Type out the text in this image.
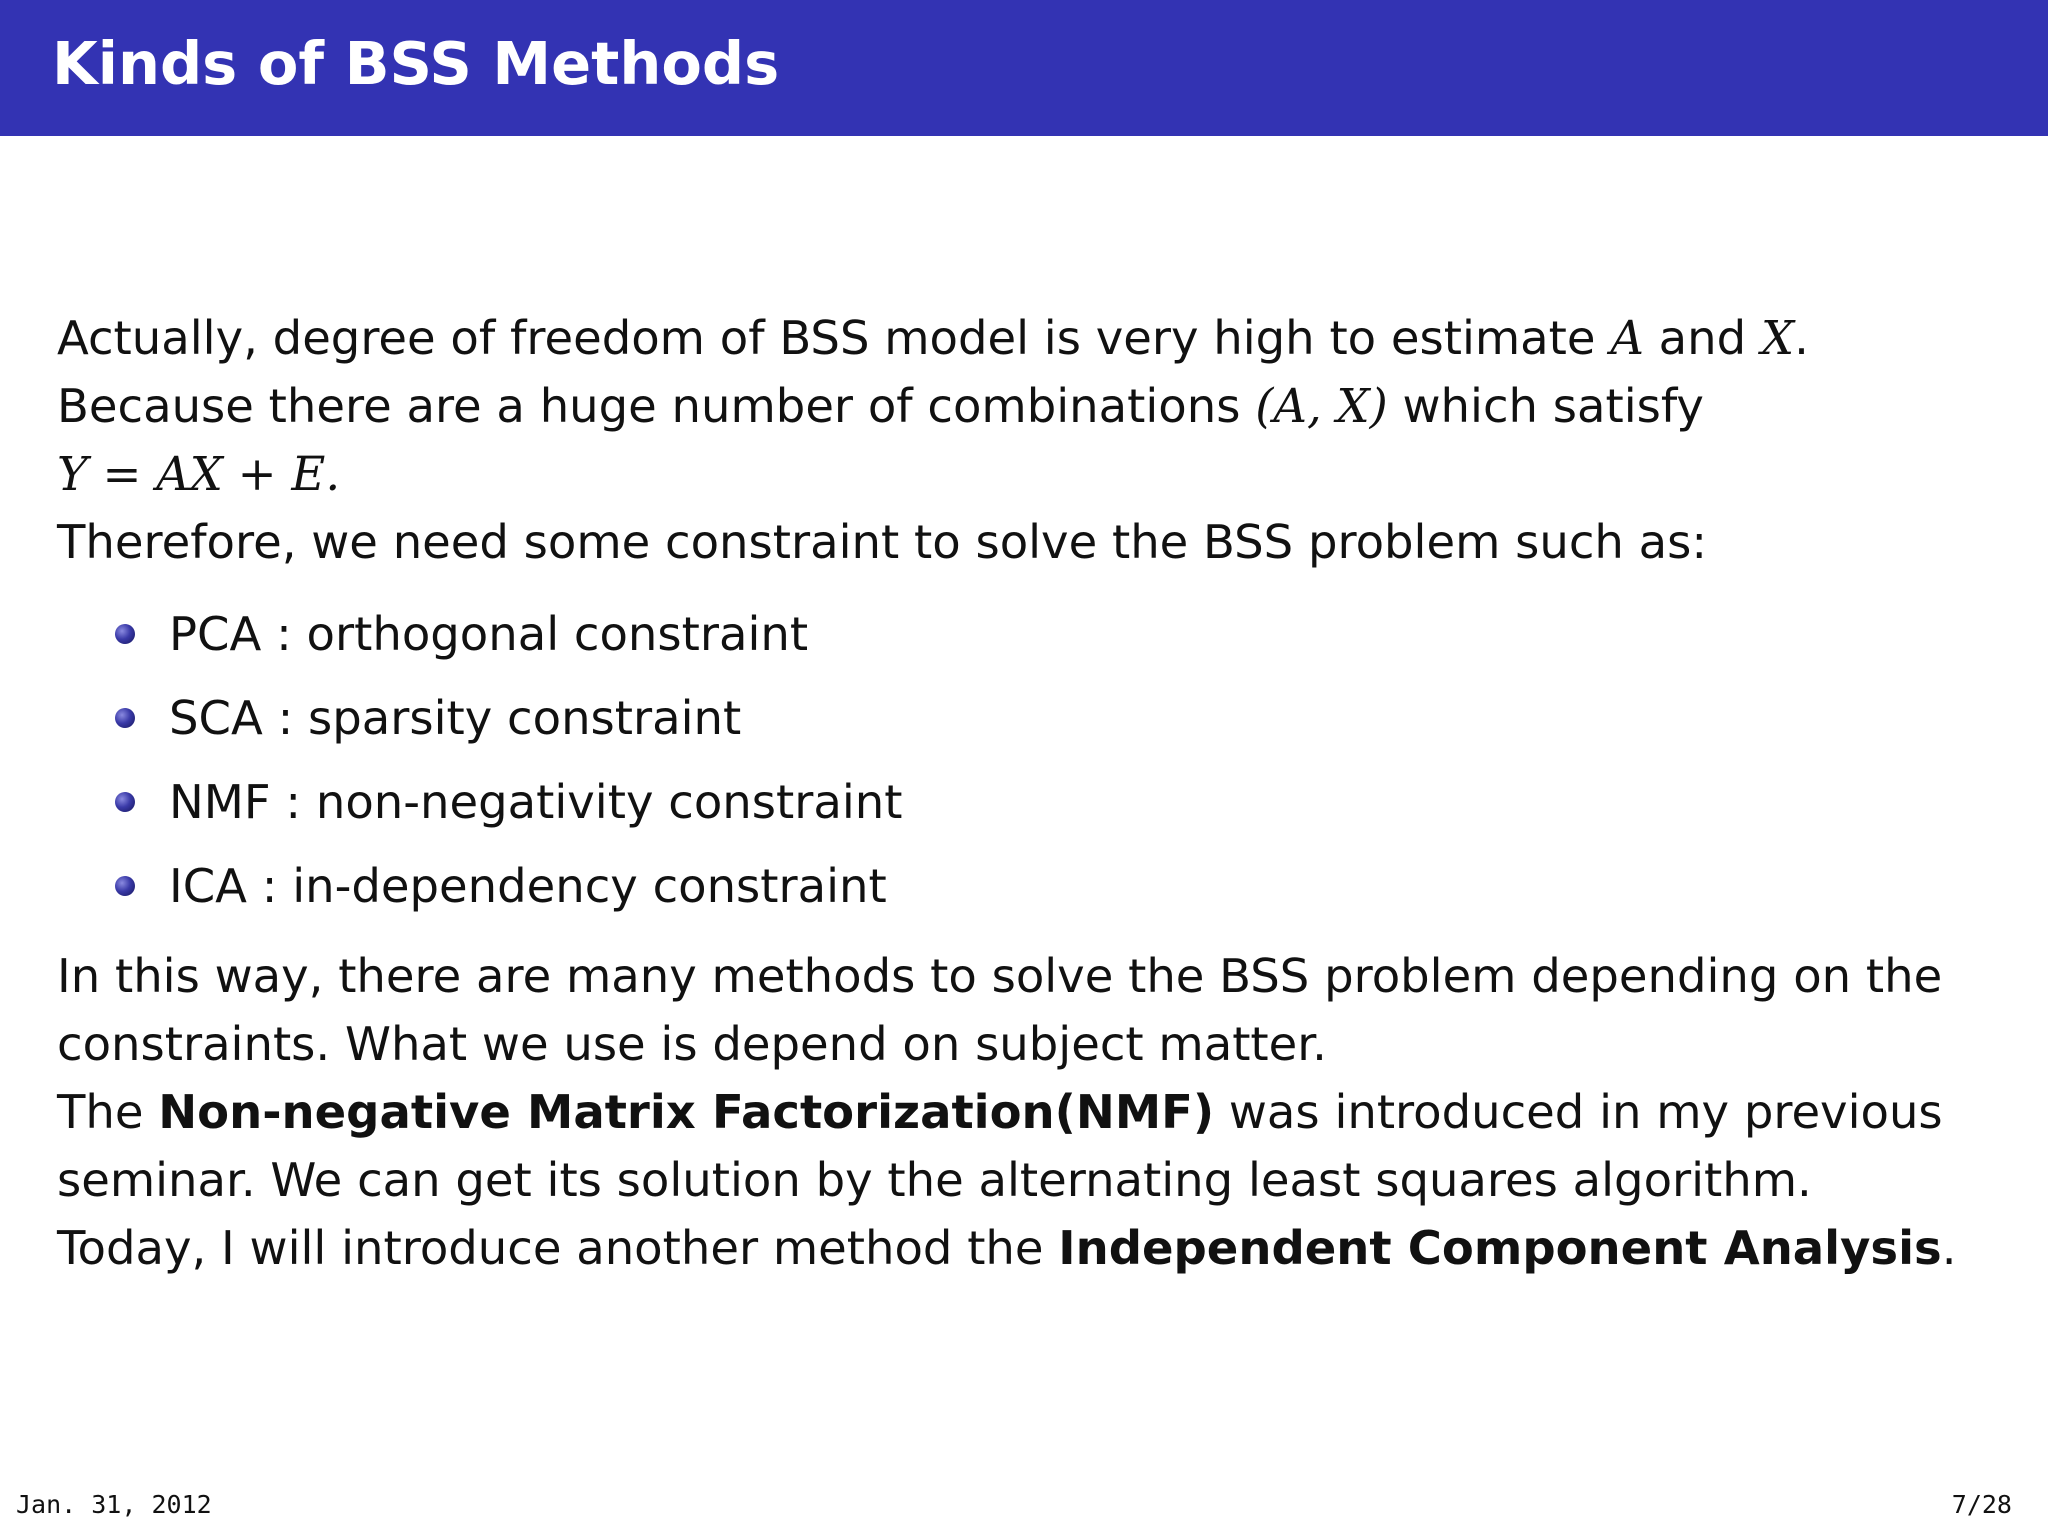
Kinds of BSS Methods
Actually, degree of freedom of BSS model is very high to estimate A and X.
Because there are a huge number of combinations (A, X) which satisfy
Y = AX + E.
Therefore, we need some constraint to solve the BSS problem such as:
PCA : orthogonal constraint
SCA : sparsity constraint
NMF : non-negativity constraint
ICA : in-dependency constraint
In this way, there are many methods to solve the BSS problem depending on the
constraints. What we use is depend on subject matter.
The Non-negative Matrix Factorization(NMF) was introduced in my previous
seminar. We can get its solution by the alternating least squares algorithm.
Today, I will introduce another method the Independent Component Analysis.
Jan. 31, 2012	7/28
